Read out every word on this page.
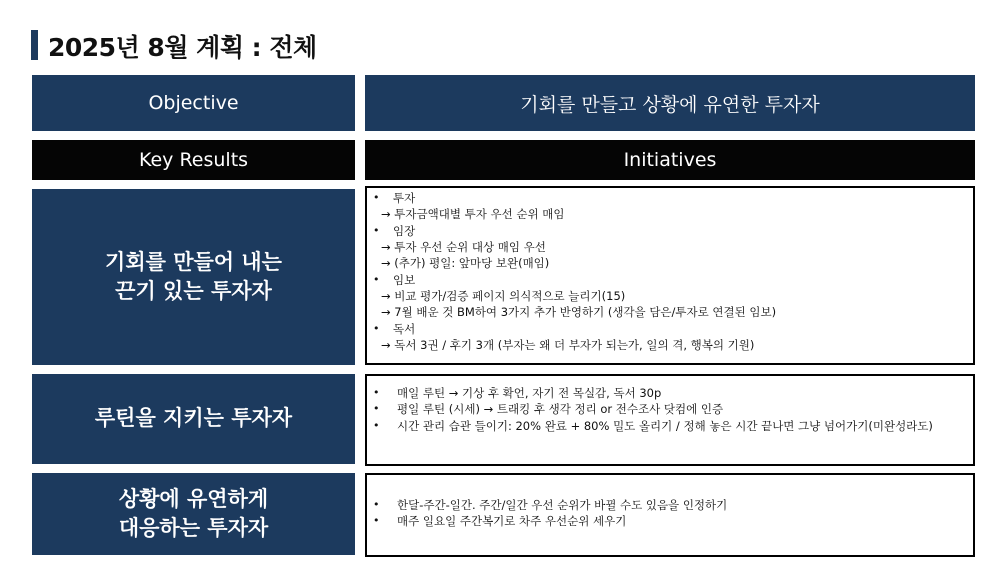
2025년 8월 계획 : 전체
Objective	기회를 만들고 상황에 유연한 투자자
Key Results	Initiatives
기회를 만들어 내는
끈기 있는 투자자
• 투자
→ 투자금액대별 투자 우선 순위 매임
• 임장
→ 투자 우선 순위 대상 매임 우선
→ (추가) 평일: 앞마당 보완(매임)
• 임보
→ 비교 평가/검증 페이지 의식적으로 늘리기(15)
→ 7월 배운 것 BM하여 3가지 추가 반영하기 (생각을 담은/투자로 연결된 임보)
• 독서
→ 독서 3권 / 후기 3개 (부자는 왜 더 부자가 되는가, 일의 격, 행복의 기원)
루틴을 지키는 투자자
• 매일 루틴 → 기상 후 확언, 자기 전 목실감, 독서 30p
• 평일 루틴 (시세) → 트래킹 후 생각 정리 or 전수조사 닷컴에 인증
• 시간 관리 습관 들이기: 20% 완료 + 80% 밀도 올리기 / 정해 놓은 시간 끝나면 그냥 넘어가기(미완성라도)
상황에 유연하게
대응하는 투자자
• 한달-주간-일간. 주간/일간 우선 순위가 바뀔 수도 있음을 인정하기
• 매주 일요일 주간복기로 차주 우선순위 세우기
